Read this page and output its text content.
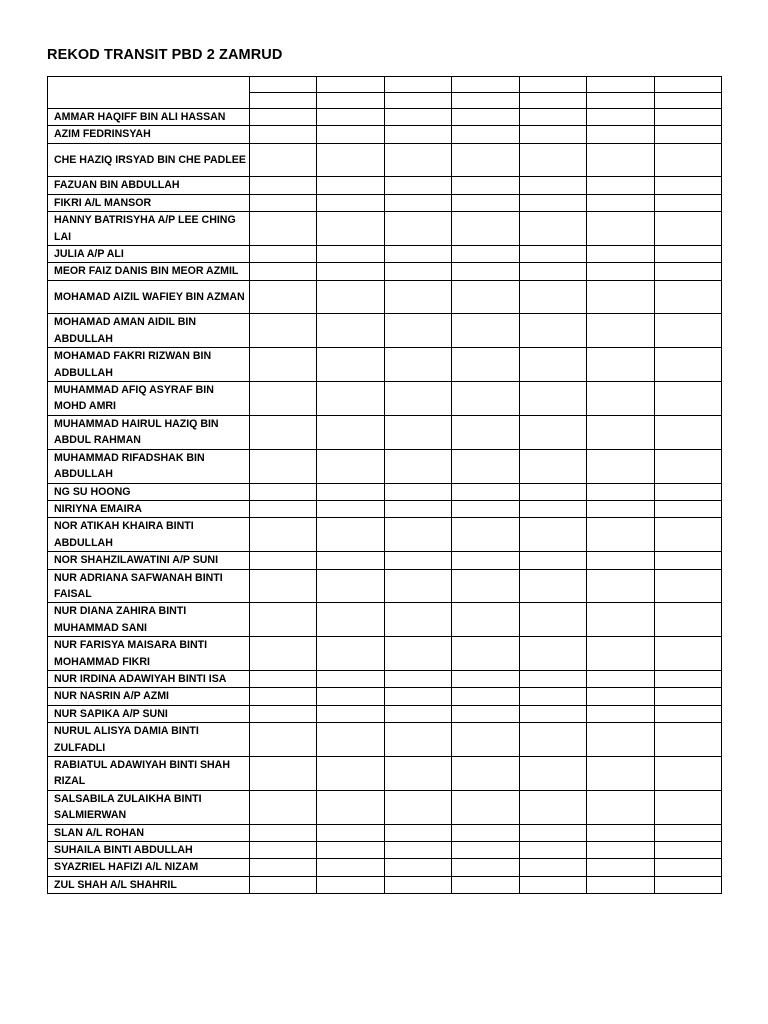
REKOD TRANSIT PBD 2 ZAMRUD

AMMAR HAQIFF BIN ALI HASSAN							
AZIM FEDRINSYAH							
CHE HAZIQ IRSYAD BIN CHE PADLEE							
FAZUAN BIN ABDULLAH							
FIKRI A/L MANSOR							
HANNY BATRISYHA A/P LEE CHING LAI							
JULIA A/P ALI							
MEOR FAIZ DANIS BIN MEOR AZMIL							
MOHAMAD AIZIL WAFIEY BIN AZMAN							
MOHAMAD AMAN AIDIL BIN ABDULLAH							
MOHAMAD FAKRI RIZWAN BIN ADBULLAH							
MUHAMMAD AFIQ ASYRAF BIN MOHD AMRI							
MUHAMMAD HAIRUL HAZIQ BIN ABDUL RAHMAN							
MUHAMMAD RIFADSHAK BIN ABDULLAH							
NG SU HOONG							
NIRIYNA EMAIRA							
NOR ATIKAH KHAIRA BINTI ABDULLAH							
NOR SHAHZILAWATINI A/P SUNI							
NUR ADRIANA SAFWANAH BINTI FAISAL							
NUR DIANA ZAHIRA BINTI MUHAMMAD SANI							
NUR FARISYA MAISARA BINTI MOHAMMAD FIKRI							
NUR IRDINA ADAWIYAH BINTI ISA							
NUR NASRIN A/P AZMI							
NUR SAPIKA A/P SUNI							
NURUL ALISYA DAMIA BINTI ZULFADLI							
RABIATUL ADAWIYAH BINTI SHAH RIZAL							
SALSABILA ZULAIKHA BINTI SALMIERWAN							
SLAN A/L ROHAN							
SUHAILA BINTI ABDULLAH							
SYAZRIEL HAFIZI A/L NIZAM							
ZUL SHAH A/L SHAHRIL							
